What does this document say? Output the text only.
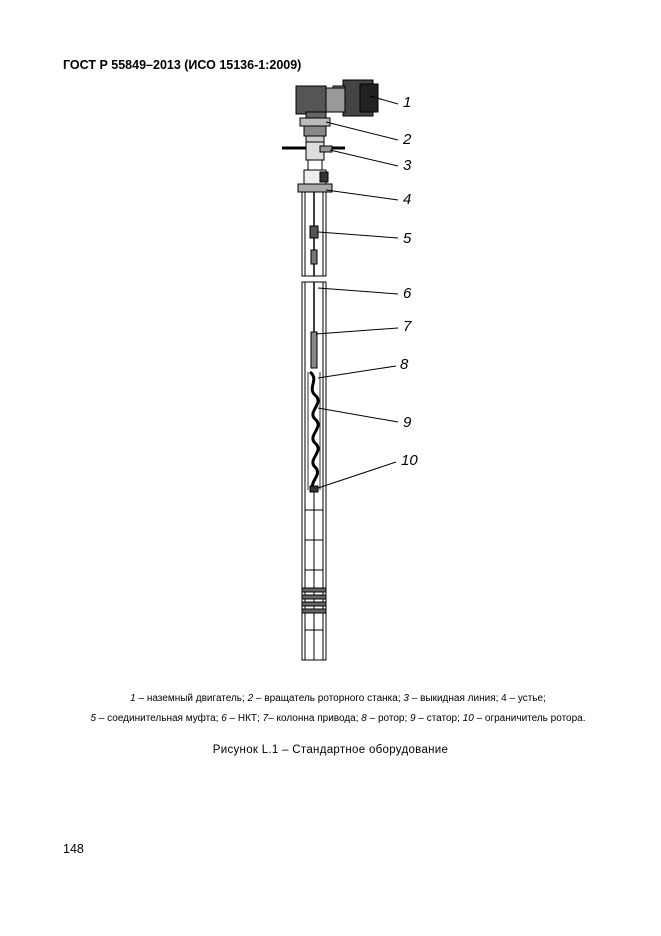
ГОСТ Р 55849–2013 (ИСО 15136-1:2009)
1
2
3
4
5
6
7
8
9
10
1 – наземный двигатель; 2 – вращатель роторного станка; 3 – выкидная линия; 4 – устье;
5 – соединительная муфта; 6 – НКТ; 7– колонна привода; 8 – ротор; 9 – статор; 10 – ограничитель ротора.
Рисунок L.1 – Стандартное оборудование
148
